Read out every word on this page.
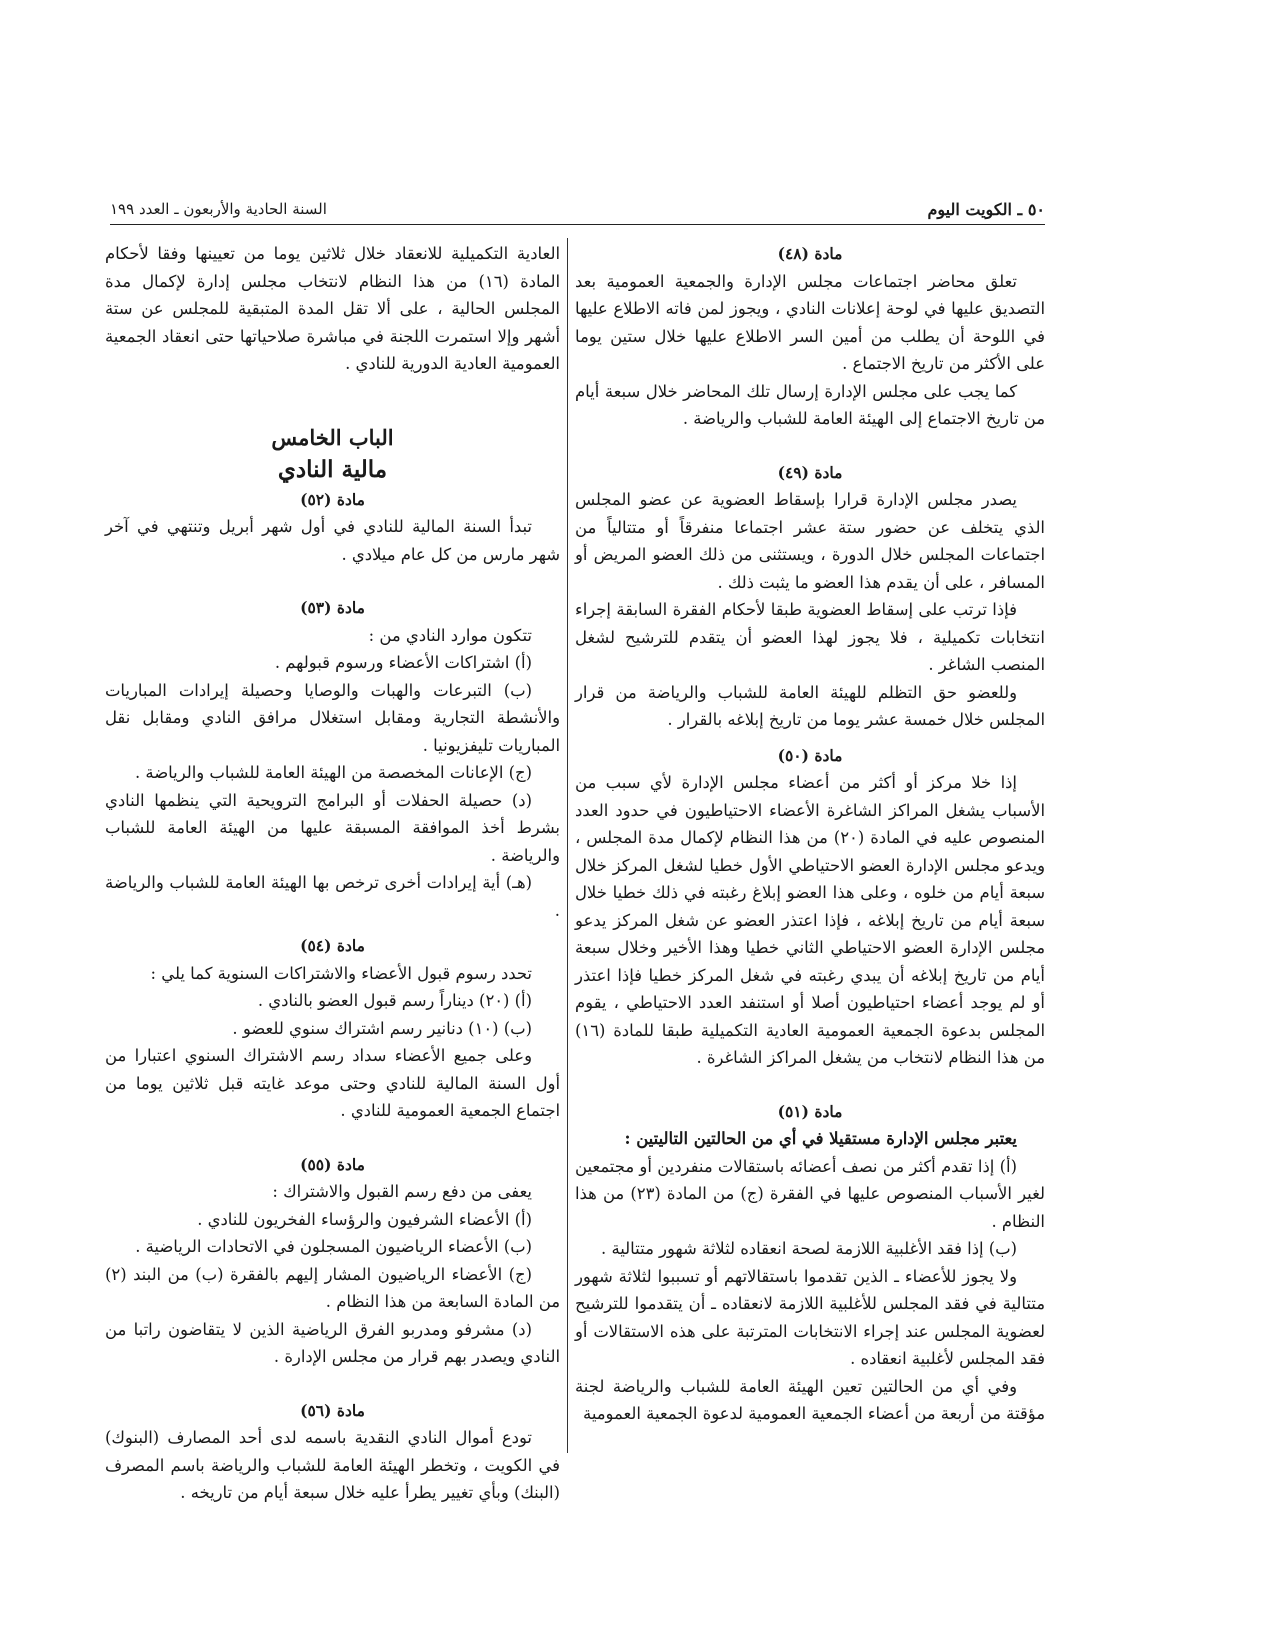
٥٠ ـ الكويت اليوم
السنة الحادية والأربعون ـ العدد ١٩٩

مادة (٤٨)

تعلق محاضر اجتماعات مجلس الإدارة والجمعية العمومية بعد التصديق عليها في لوحة إعلانات النادي ، ويجوز لمن فاته الاطلاع عليها في اللوحة أن يطلب من أمين السر الاطلاع عليها خلال ستين يوما على الأكثر من تاريخ الاجتماع .

كما يجب على مجلس الإدارة إرسال تلك المحاضر خلال سبعة أيام من تاريخ الاجتماع إلى الهيئة العامة للشباب والرياضة .

مادة (٤٩)

يصدر مجلس الإدارة قرارا بإسقاط العضوية عن عضو المجلس الذي يتخلف عن حضور ستة عشر اجتماعا منفرقاً أو متتالياً من اجتماعات المجلس خلال الدورة ، ويستثنى من ذلك العضو المريض أو المسافر ، على أن يقدم هذا العضو ما يثبت ذلك .

فإذا ترتب على إسقاط العضوية طبقا لأحكام الفقرة السابقة إجراء انتخابات تكميلية ، فلا يجوز لهذا العضو أن يتقدم للترشيح لشغل المنصب الشاغر .

وللعضو حق التظلم للهيئة العامة للشباب والرياضة من قرار المجلس خلال خمسة عشر يوما من تاريخ إبلاغه بالقرار .

مادة (٥٠)

إذا خلا مركز أو أكثر من أعضاء مجلس الإدارة لأي سبب من الأسباب يشغل المراكز الشاغرة الأعضاء الاحتياطيون في حدود العدد المنصوص عليه في المادة (٢٠) من هذا النظام لإكمال مدة المجلس ، ويدعو مجلس الإدارة العضو الاحتياطي الأول خطيا لشغل المركز خلال سبعة أيام من خلوه ، وعلى هذا العضو إبلاغ رغبته في ذلك خطيا خلال سبعة أيام من تاريخ إبلاغه ، فإذا اعتذر العضو عن شغل المركز يدعو مجلس الإدارة العضو الاحتياطي الثاني خطيا وهذا الأخير وخلال سبعة أيام من تاريخ إبلاغه أن يبدي رغبته في شغل المركز خطيا فإذا اعتذر أو لم يوجد أعضاء احتياطيون أصلا أو استنفد العدد الاحتياطي ، يقوم المجلس بدعوة الجمعية العمومية العادية التكميلية طبقا للمادة (١٦) من هذا النظام لانتخاب من يشغل المراكز الشاغرة .

مادة (٥١)

يعتبر مجلس الإدارة مستقيلا في أي من الحالتين التاليتين :

(أ) إذا تقدم أكثر من نصف أعضائه باستقالات منفردين أو مجتمعين لغير الأسباب المنصوص عليها في الفقرة (ج) من المادة (٢٣) من هذا النظام .

(ب) إذا فقد الأغلبية اللازمة لصحة انعقاده لثلاثة شهور متتالية .

ولا يجوز للأعضاء ـ الذين تقدموا باستقالاتهم أو تسببوا لثلاثة شهور متتالية في فقد المجلس للأغلبية اللازمة لانعقاده ـ أن يتقدموا للترشيح لعضوية المجلس عند إجراء الانتخابات المترتبة على هذه الاستقالات أو فقد المجلس لأغلبية انعقاده .

وفي أي من الحالتين تعين الهيئة العامة للشباب والرياضة لجنة مؤقتة من أربعة من أعضاء الجمعية العمومية لدعوة الجمعية العمومية

العادية التكميلية للانعقاد خلال ثلاثين يوما من تعيينها وفقا لأحكام المادة (١٦) من هذا النظام لانتخاب مجلس إدارة لإكمال مدة المجلس الحالية ، على ألا تقل المدة المتبقية للمجلس عن ستة أشهر وإلا استمرت اللجنة في مباشرة صلاحياتها حتى انعقاد الجمعية العمومية العادية الدورية للنادي .

الباب الخامس

مالية النادي

مادة (٥٢)

تبدأ السنة المالية للنادي في أول شهر أبريل وتنتهي في آخر شهر مارس من كل عام ميلادي .

مادة (٥٣)

تتكون موارد النادي من :

(أ) اشتراكات الأعضاء ورسوم قبولهم .

(ب) التبرعات والهبات والوصايا وحصيلة إيرادات المباريات والأنشطة التجارية ومقابل استغلال مرافق النادي ومقابل نقل المباريات تليفزيونيا .

(ج) الإعانات المخصصة من الهيئة العامة للشباب والرياضة .

(د) حصيلة الحفلات أو البرامج الترويحية التي ينظمها النادي بشرط أخذ الموافقة المسبقة عليها من الهيئة العامة للشباب والرياضة .

(هـ) أية إيرادات أخرى ترخص بها الهيئة العامة للشباب والرياضة .

مادة (٥٤)

تحدد رسوم قبول الأعضاء والاشتراكات السنوية كما يلي :

(أ) (٢٠) ديناراً رسم قبول العضو بالنادي .

(ب) (١٠) دنانير رسم اشتراك سنوي للعضو .

وعلى جميع الأعضاء سداد رسم الاشتراك السنوي اعتبارا من أول السنة المالية للنادي وحتى موعد غايته قبل ثلاثين يوما من اجتماع الجمعية العمومية للنادي .

مادة (٥٥)

يعفى من دفع رسم القبول والاشتراك :

(أ) الأعضاء الشرفيون والرؤساء الفخريون للنادي .

(ب) الأعضاء الرياضيون المسجلون في الاتحادات الرياضية .

(ج) الأعضاء الرياضيون المشار إليهم بالفقرة (ب) من البند (٢) من المادة السابعة من هذا النظام .

(د) مشرفو ومدربو الفرق الرياضية الذين لا يتقاضون راتبا من النادي ويصدر بهم قرار من مجلس الإدارة .

مادة (٥٦)

تودع أموال النادي النقدية باسمه لدى أحد المصارف (البنوك) في الكويت ، وتخطر الهيئة العامة للشباب والرياضة باسم المصرف (البنك) وبأي تغيير يطرأ عليه خلال سبعة أيام من تاريخه .
